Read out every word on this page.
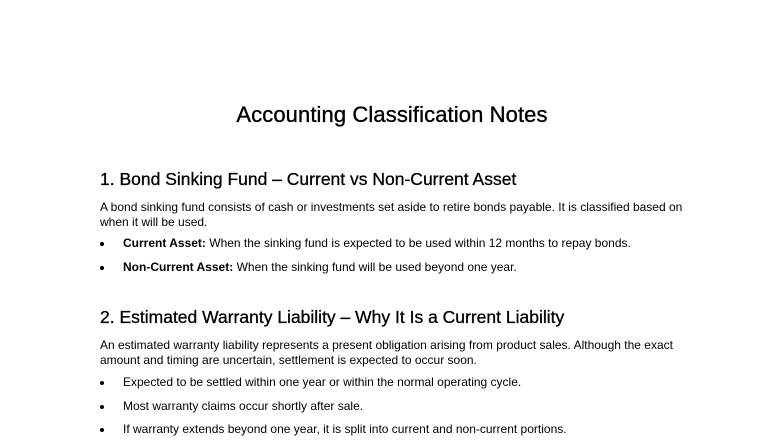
Accounting Classification Notes
1. Bond Sinking Fund – Current vs Non-Current Asset
A bond sinking fund consists of cash or investments set aside to retire bonds payable. It is classified based on when it will be used.
Current Asset: When the sinking fund is expected to be used within 12 months to repay bonds.
Non-Current Asset: When the sinking fund will be used beyond one year.
2. Estimated Warranty Liability – Why It Is a Current Liability
An estimated warranty liability represents a present obligation arising from product sales. Although the exact amount and timing are uncertain, settlement is expected to occur soon.
Expected to be settled within one year or within the normal operating cycle.
Most warranty claims occur shortly after sale.
If warranty extends beyond one year, it is split into current and non-current portions.
